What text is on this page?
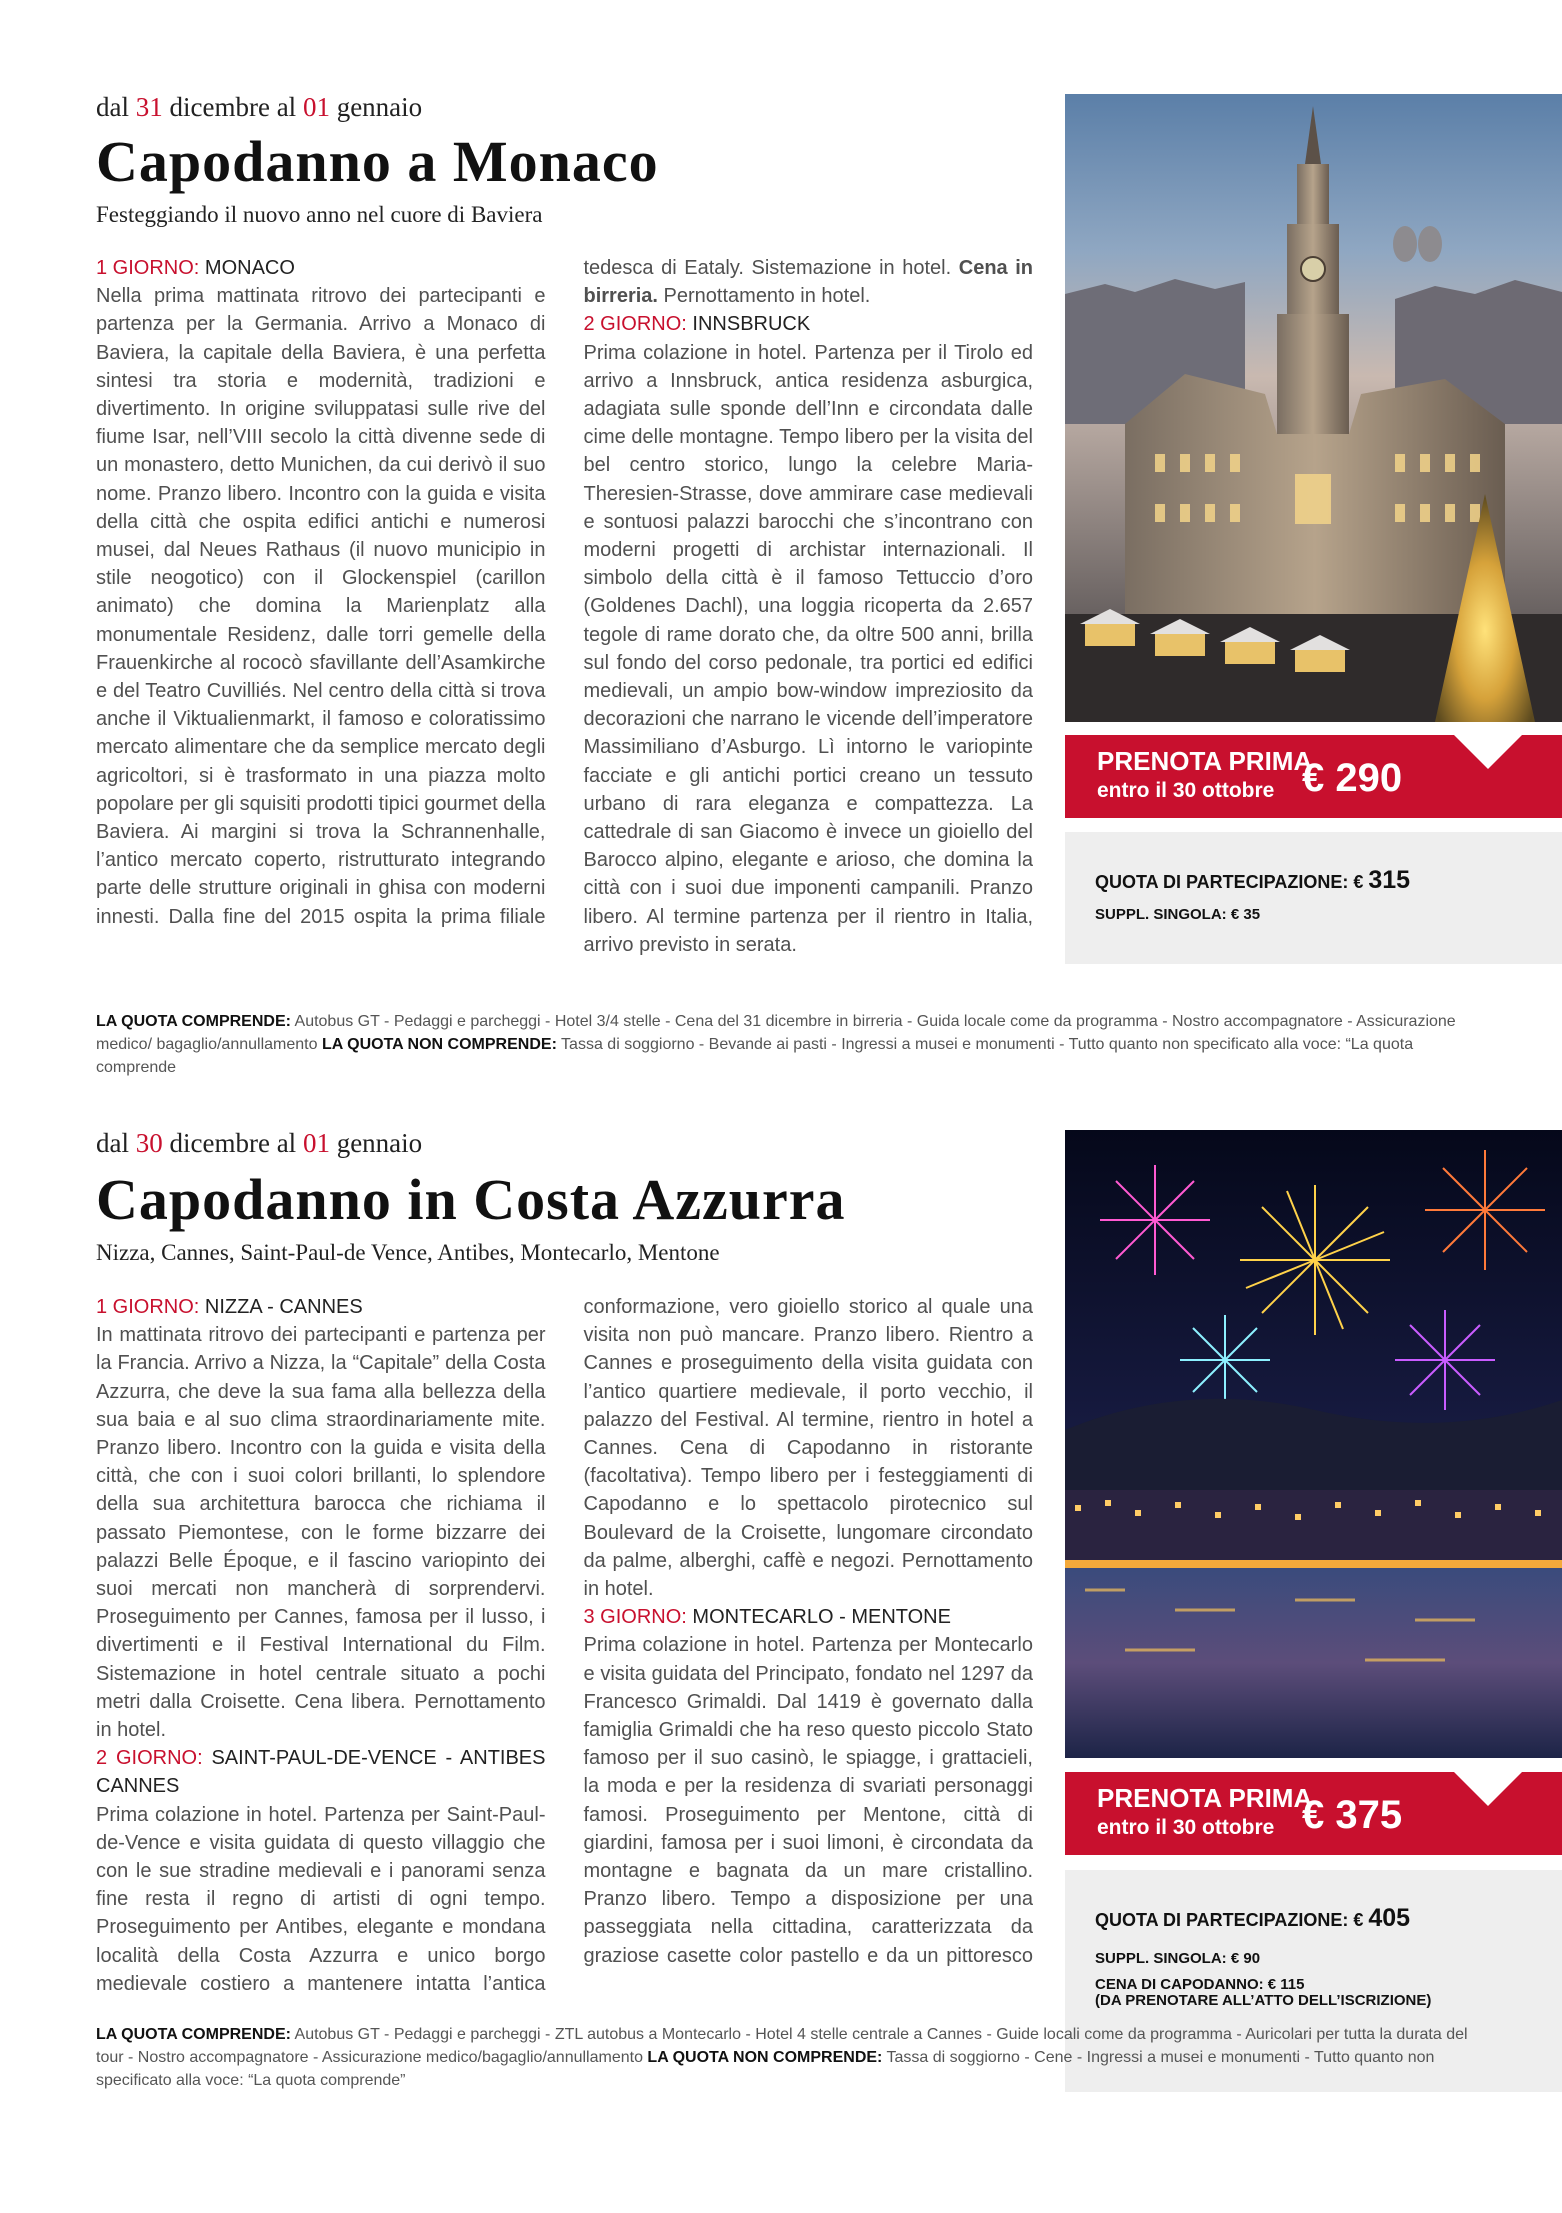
dal 31 dicembre al 01 gennaio
Capodanno a Monaco
Festeggiando il nuovo anno nel cuore di Baviera

1 GIORNO: MONACO
Nella prima mattinata ritrovo dei partecipanti e partenza per la Germania. Arrivo a Monaco di Baviera, la capitale della Baviera, è una perfetta sintesi tra storia e modernità, tradizioni e divertimento. In origine sviluppatasi sulle rive del fiume Isar, nell’VIII secolo la città divenne sede di un monastero, detto Munichen, da cui derivò il suo nome. Pranzo libero. Incontro con la guida e visita della città che ospita edifici antichi e numerosi musei, dal Neues Rathaus (il nuovo municipio in stile neogotico) con il Glockenspiel (carillon animato) che domina la Marienplatz alla monumentale Residenz, dalle torri gemelle della Frauenkirche al rococò sfavillante dell’Asamkirche e del Teatro Cuvilliés. Nel centro della città si trova anche il Viktualienmarkt, il famoso e coloratissimo mercato alimentare che da semplice mercato degli agricoltori, si è trasformato in una piazza molto popolare per gli squisiti prodotti tipici gourmet della Baviera. Ai margini si trova la Schrannenhalle, l’antico mercato coperto, ristrutturato integrando parte delle strutture originali in ghisa con moderni innesti. Dalla fine del 2015 ospita la prima filiale tedesca di Eataly. Sistemazione in hotel. Cena in birreria. Pernottamento in hotel.

2 GIORNO: INNSBRUCK
Prima colazione in hotel. Partenza per il Tirolo ed arrivo a Innsbruck, antica residenza asburgica, adagiata sulle sponde dell’Inn e circondata dalle cime delle montagne. Tempo libero per la visita del bel centro storico, lungo la celebre Maria-Theresien-Strasse, dove ammirare case medievali e sontuosi palazzi barocchi che s’incontrano con moderni progetti di archistar internazionali. Il simbolo della città è il famoso Tettuccio d’oro (Goldenes Dachl), una loggia ricoperta da 2.657 tegole di rame dorato che, da oltre 500 anni, brilla sul fondo del corso pedonale, tra portici ed edifici medievali, un ampio bow-window impreziosito da decorazioni che narrano le vicende dell’imperatore Massimiliano d’Asburgo. Lì intorno le variopinte facciate e gli antichi portici creano un tessuto urbano di rara eleganza e compattezza. La cattedrale di san Giacomo è invece un gioiello del Barocco alpino, elegante e arioso, che domina la città con i suoi due imponenti campanili. Pranzo libero. Al termine partenza per il rientro in Italia, arrivo previsto in serata.

PRENOTA PRIMA
entro il 30 ottobre € 290
QUOTA DI PARTECIPAZIONE: € 315
SUPPL. SINGOLA: € 35
LA QUOTA COMPRENDE: Autobus GT - Pedaggi e parcheggi - Hotel 3/4 stelle - Cena del 31 dicembre in birreria - Guida locale come da programma - Nostro accompagnatore - Assicurazione medico/ bagaglio/annullamento LA QUOTA NON COMPRENDE: Tassa di soggiorno - Bevande ai pasti - Ingressi a musei e monumenti - Tutto quanto non specificato alla voce: “La quota comprende
dal 30 dicembre al 01 gennaio
Capodanno in Costa Azzurra
Nizza, Cannes, Saint-Paul-de Vence, Antibes, Montecarlo, Mentone

1 GIORNO: NIZZA - CANNES
In mattinata ritrovo dei partecipanti e partenza per la Francia. Arrivo a Nizza, la “Capitale” della Costa Azzurra, che deve la sua fama alla bellezza della sua baia e al suo clima straordinariamente mite. Pranzo libero. Incontro con la guida e visita della città, che con i suoi colori brillanti, lo splendore della sua architettura barocca che richiama il passato Piemontese, con le forme bizzarre dei palazzi Belle Époque, e il fascino variopinto dei suoi mercati non mancherà di sorprendervi. Proseguimento per Cannes, famosa per il lusso, i divertimenti e il Festival International du Film. Sistemazione in hotel centrale situato a pochi metri dalla Croisette. Cena libera. Pernottamento in hotel.

2 GIORNO: SAINT-PAUL-DE-VENCE - ANTIBES CANNES
Prima colazione in hotel. Partenza per Saint-Paul-de-Vence e visita guidata di questo villaggio che con le sue stradine medievali e i panorami senza fine resta il regno di artisti di ogni tempo. Proseguimento per Antibes, elegante e mondana località della Costa Azzurra e unico borgo medievale costiero a mantenere intatta l’antica conformazione, vero gioiello storico al quale una visita non può mancare. Pranzo libero. Rientro a Cannes e proseguimento della visita guidata con l’antico quartiere medievale, il porto vecchio, il palazzo del Festival. Al termine, rientro in hotel a Cannes. Cena di Capodanno in ristorante (facoltativa). Tempo libero per i festeggiamenti di Capodanno e lo spettacolo pirotecnico sul Boulevard de la Croisette, lungomare circondato da palme, alberghi, caffè e negozi. Pernottamento in hotel.

3 GIORNO: MONTECARLO - MENTONE
Prima colazione in hotel. Partenza per Montecarlo e visita guidata del Principato, fondato nel 1297 da Francesco Grimaldi. Dal 1419 è governato dalla famiglia Grimaldi che ha reso questo piccolo Stato famoso per il suo casinò, le spiagge, i grattacieli, la moda e per la residenza di svariati personaggi famosi. Proseguimento per Mentone, città di giardini, famosa per i suoi limoni, è circondata da montagne e bagnata da un mare cristallino. Pranzo libero. Tempo a disposizione per una passeggiata nella cittadina, caratterizzata da graziose casette color pastello e da un pittoresco

PRENOTA PRIMA
entro il 30 ottobre € 375
QUOTA DI PARTECIPAZIONE: € 405
SUPPL. SINGOLA: € 90
CENA DI CAPODANNO: € 115
(DA PRENOTARE ALL’ATTO DELL’ISCRIZIONE)
LA QUOTA COMPRENDE: Autobus GT - Pedaggi e parcheggi - ZTL autobus a Montecarlo - Hotel 4 stelle centrale a Cannes - Guide locali come da programma - Auricolari per tutta la durata del tour - Nostro accompagnatore - Assicurazione medico/bagaglio/annullamento LA QUOTA NON COMPRENDE: Tassa di soggiorno - Cene - Ingressi a musei e monumenti - Tutto quanto non specificato alla voce: “La quota comprende”
